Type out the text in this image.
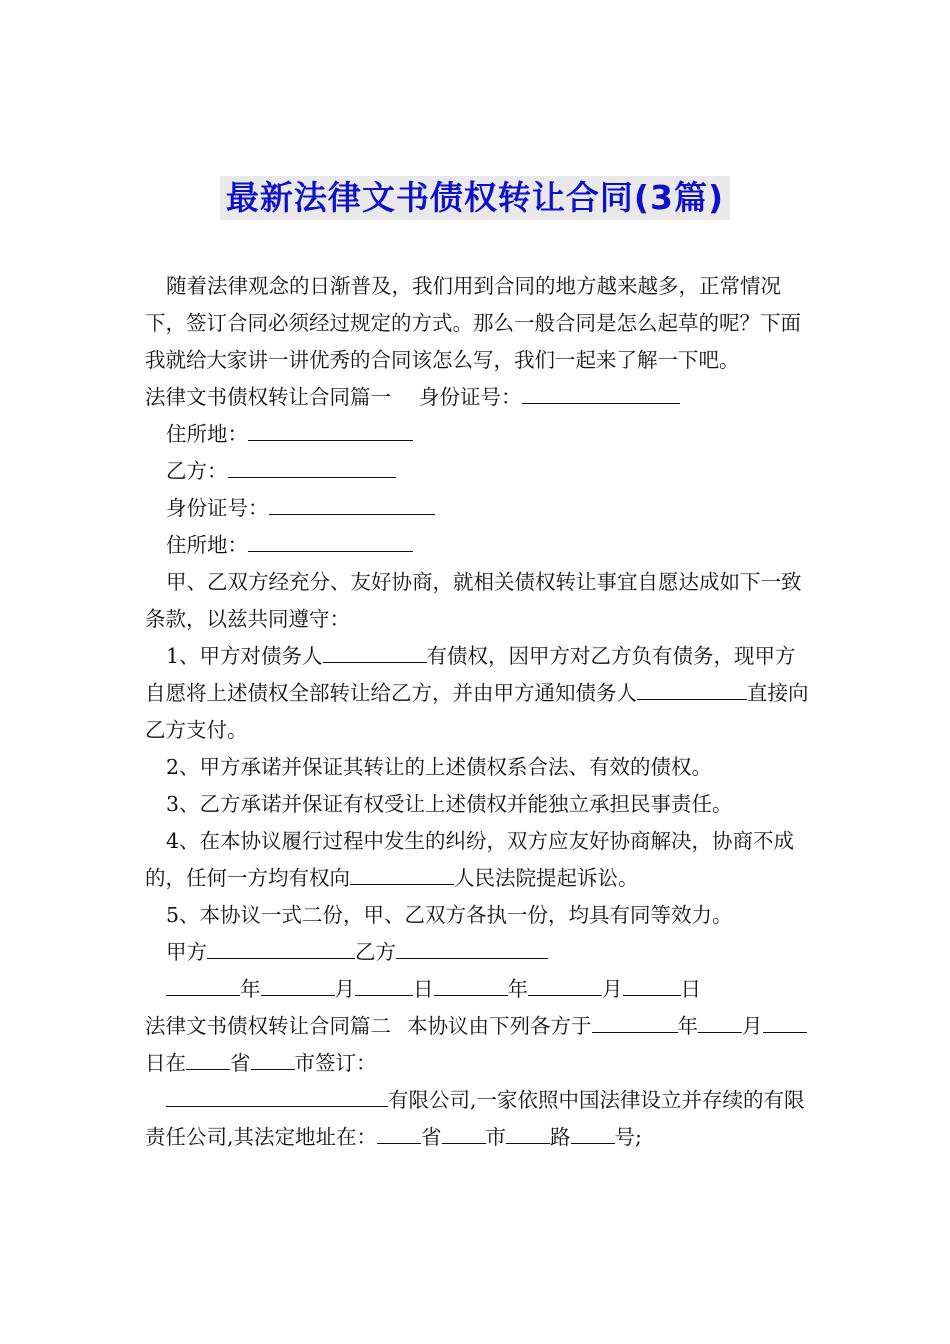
最新法律文书债权转让合同(3篇)

随着法律观念的日渐普及，我们用到合同的地方越来越多，正常情况下，签订合同必须经过规定的方式。那么一般合同是怎么起草的呢？下面我就给大家讲一讲优秀的合同该怎么写，我们一起来了解一下吧。

法律文书债权转让合同篇一 身份证号：

住所地：

乙方：

身份证号：

住所地：

甲、乙双方经充分、友好协商，就相关债权转让事宜自愿达成如下一致条款，以兹共同遵守：

1、甲方对债务人	有债权，因甲方对乙方负有债务，现甲方自愿将上述债权全部转让给乙方，并由甲方通知债务人	直接向乙方支付。

2、甲方承诺并保证其转让的上述债权系合法、有效的债权。

3、乙方承诺并保证有权受让上述债权并能独立承担民事责任。

4、在本协议履行过程中发生的纠纷，双方应友好协商解决，协商不成的，任何一方均有权向	人民法院提起诉讼。

5、本协议一式二份，甲、乙双方各执一份，均具有同等效力。

甲方	乙方

年	月	日	年	月	日

法律文书债权转让合同篇二 本协议由下列各方于	年 月日在 省 市签订：

有限公司,一家依照中国法律设立并存续的有限责任公司,其法定地址在： 省 市 路 号;
